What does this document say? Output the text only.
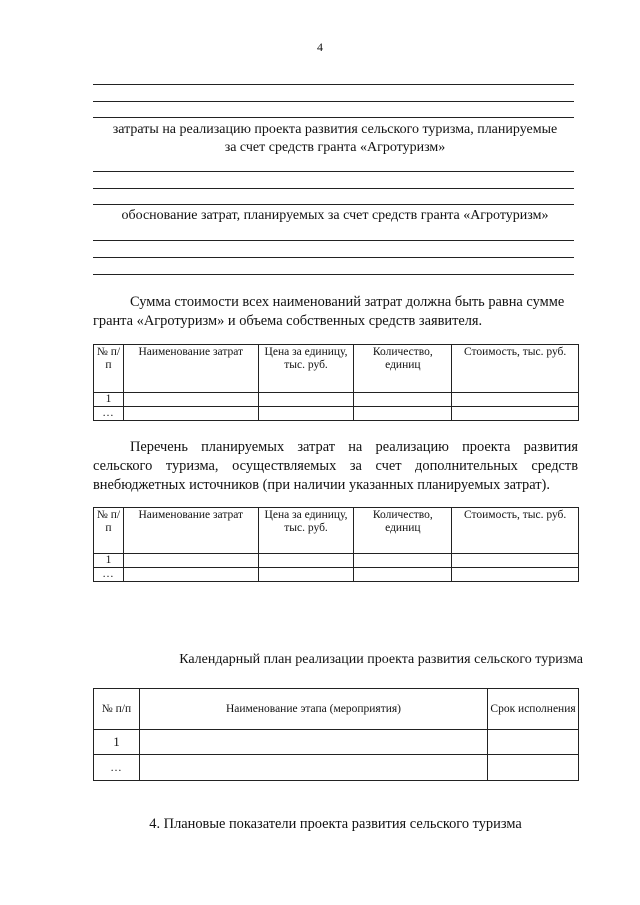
4
затраты на реализацию проекта развития сельского туризма, планируемые
за счет средств гранта «Агротуризм»
обоснование затрат, планируемых за счет средств гранта «Агротуризм»
Сумма стоимости всех наименований затрат должна быть равна сумме
гранта «Агротуризм» и объема собственных средств заявителя.
№ п/п	Наименование затрат	Цена за единицу, тыс. руб.	Количество, единиц	Стоимость, тыс. руб.
1				
…				
Перечень планируемых затрат на реализацию проекта развития
сельского туризма, осуществляемых за счет дополнительных средств
внебюджетных источников (при наличии указанных планируемых затрат).
№ п/п	Наименование затрат	Цена за единицу, тыс. руб.	Количество, единиц	Стоимость, тыс. руб.
1				
…				
Календарный план реализации проекта развития сельского туризма
№ п/п	Наименование этапа (мероприятия)	Срок исполнения
1		
…		
4. Плановые показатели проекта развития сельского туризма
